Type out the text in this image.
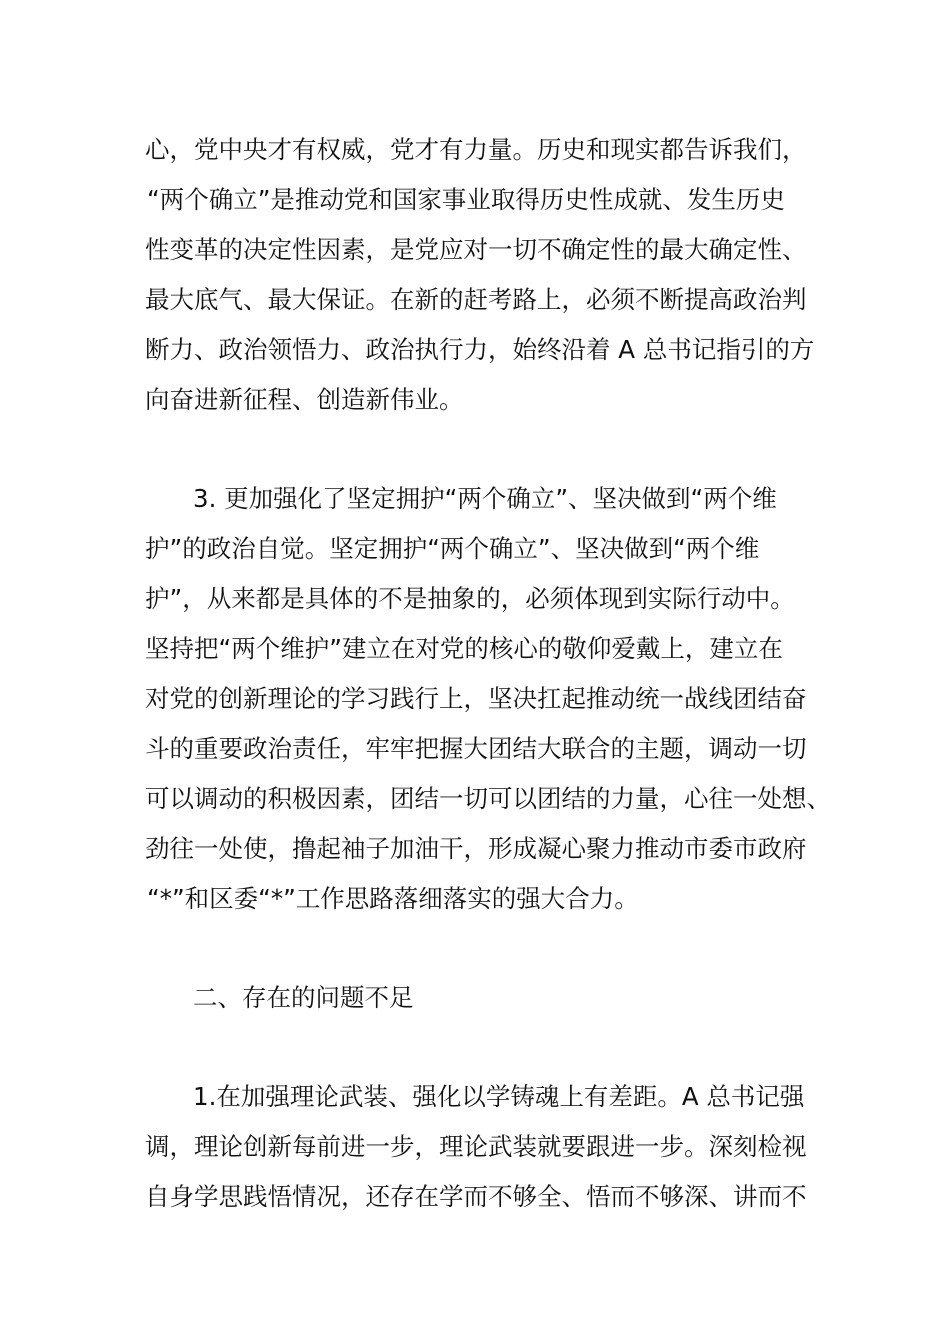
心，党中央才有权威，党才有力量。历史和现实都告诉我们，
“两个确立”是推动党和国家事业取得历史性成就、发生历史
性变革的决定性因素，是党应对一切不确定性的最大确定性、
最大底气、最大保证。在新的赶考路上，必须不断提高政治判
断力、政治领悟力、政治执行力，始终沿着 A 总书记指引的方
向奋进新征程、创造新伟业。
3. 更加强化了坚定拥护“两个确立”、坚决做到“两个维
护”的政治自觉。坚定拥护“两个确立”、坚决做到“两个维
护”，从来都是具体的不是抽象的，必须体现到实际行动中。
坚持把“两个维护”建立在对党的核心的敬仰爱戴上，建立在
对党的创新理论的学习践行上，坚决扛起推动统一战线团结奋
斗的重要政治责任，牢牢把握大团结大联合的主题，调动一切
可以调动的积极因素，团结一切可以团结的力量，心往一处想、
劲往一处使，撸起袖子加油干，形成凝心聚力推动市委市政府
“*”和区委“*”工作思路落细落实的强大合力。
二、存在的问题不足
1.在加强理论武装、强化以学铸魂上有差距。A 总书记强
调，理论创新每前进一步，理论武装就要跟进一步。深刻检视
自身学思践悟情况，还存在学而不够全、悟而不够深、讲而不
